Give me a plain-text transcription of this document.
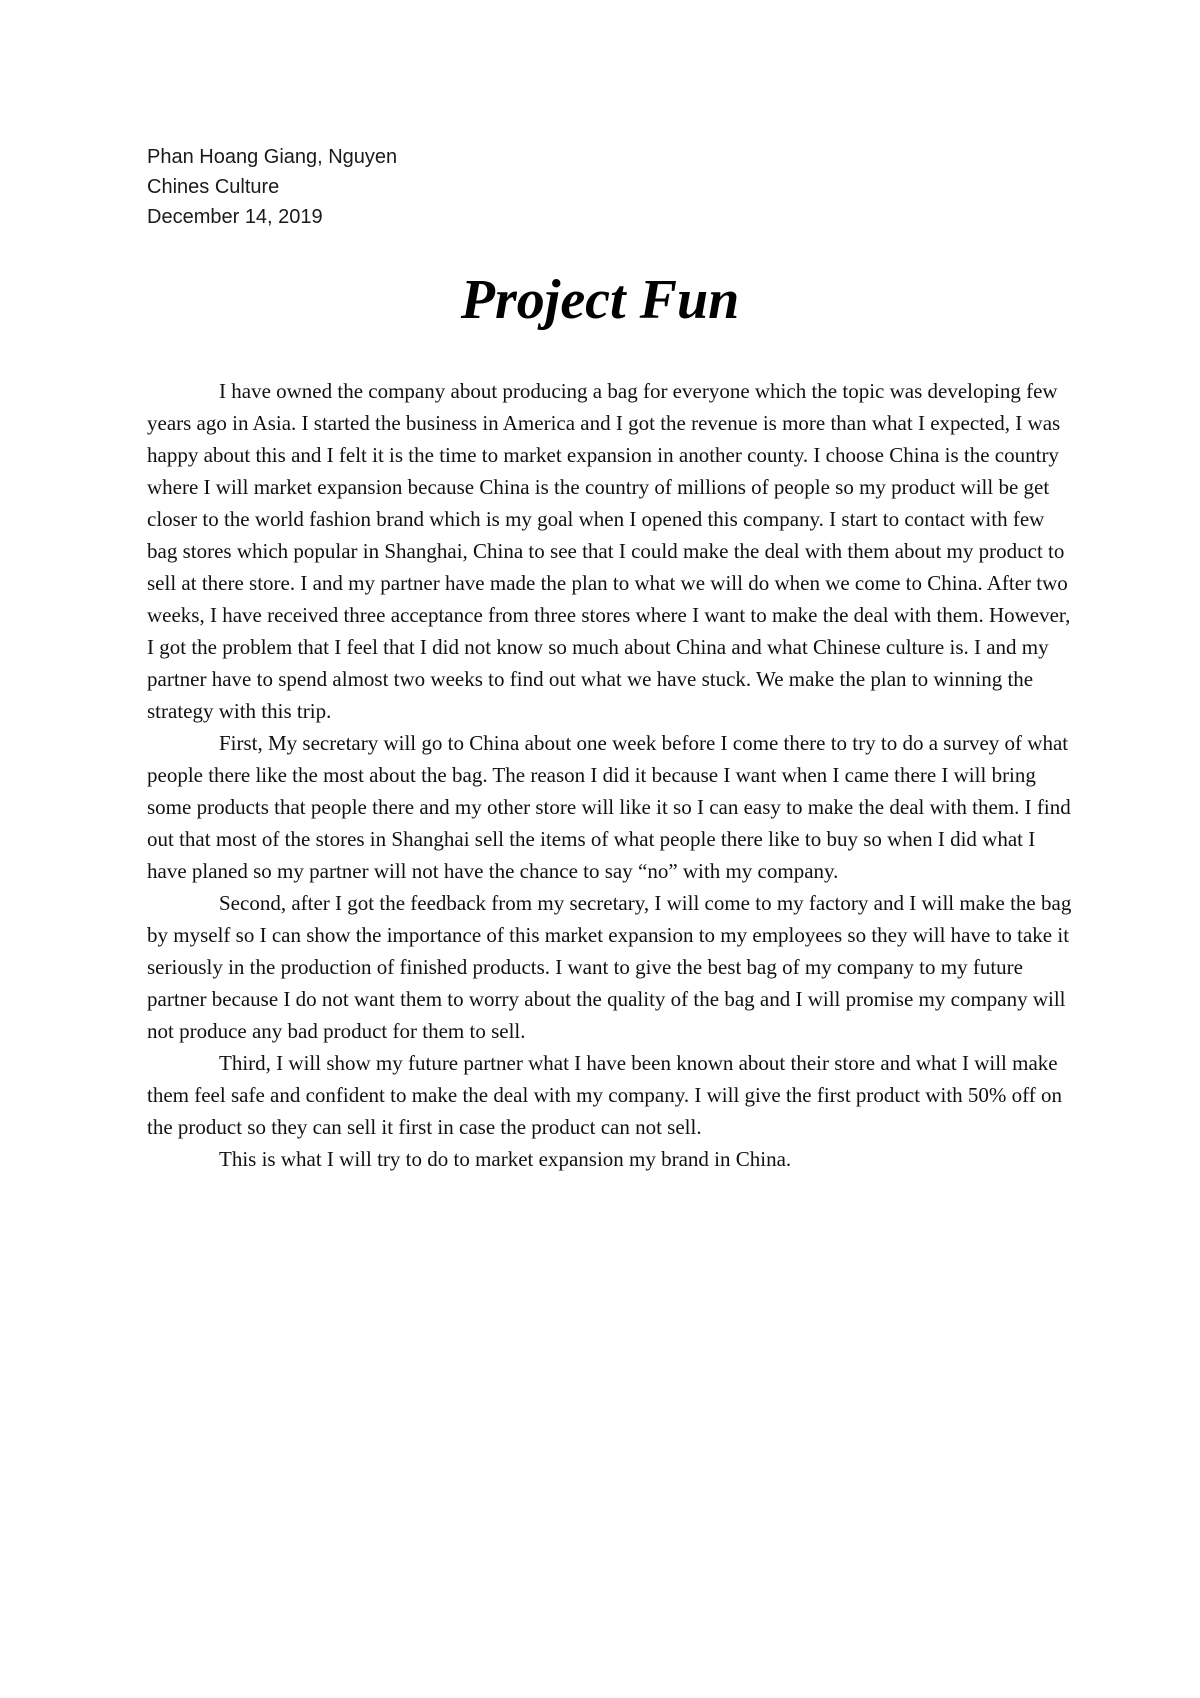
Phan Hoang Giang, Nguyen
Chines Culture
December 14, 2019
Project Fun

I have owned the company about producing a bag for everyone which the topic was developing few years ago in Asia. I started the business in America and I got the revenue is more than what I expected, I was happy about this and I felt it is the time to market expansion in another county. I choose China is the country where I will market expansion because China is the country of millions of people so my product will be get closer to the world fashion brand which is my goal when I opened this company. I start to contact with few bag stores which popular in Shanghai, China to see that I could make the deal with them about my product to sell at there store. I and my partner have made the plan to what we will do when we come to China. After two weeks, I have received three acceptance from three stores where I want to make the deal with them. However, I got the problem that I feel that I did not know so much about China and what Chinese culture is. I and my partner have to spend almost two weeks to find out what we have stuck. We make the plan to winning the strategy with this trip.

First, My secretary will go to China about one week before I come there to try to do a survey of what people there like the most about the bag. The reason I did it because I want when I came there I will bring some products that people there and my other store will like it so I can easy to make the deal with them. I find out that most of the stores in Shanghai sell the items of what people there like to buy so when I did what I have planed so my partner will not have the chance to say “no” with my company.

Second, after I got the feedback from my secretary, I will come to my factory and I will make the bag by myself so I can show the importance of this market expansion to my employees so they will have to take it seriously in the production of finished products. I want to give the best bag of my company to my future partner because I do not want them to worry about the quality of the bag and I will promise my company will not produce any bad product for them to sell.

Third, I will show my future partner what I have been known about their store and what I will make them feel safe and confident to make the deal with my company. I will give the first product with 50% off on the product so they can sell it first in case the product can not sell.

This is what I will try to do to market expansion my brand in China.
